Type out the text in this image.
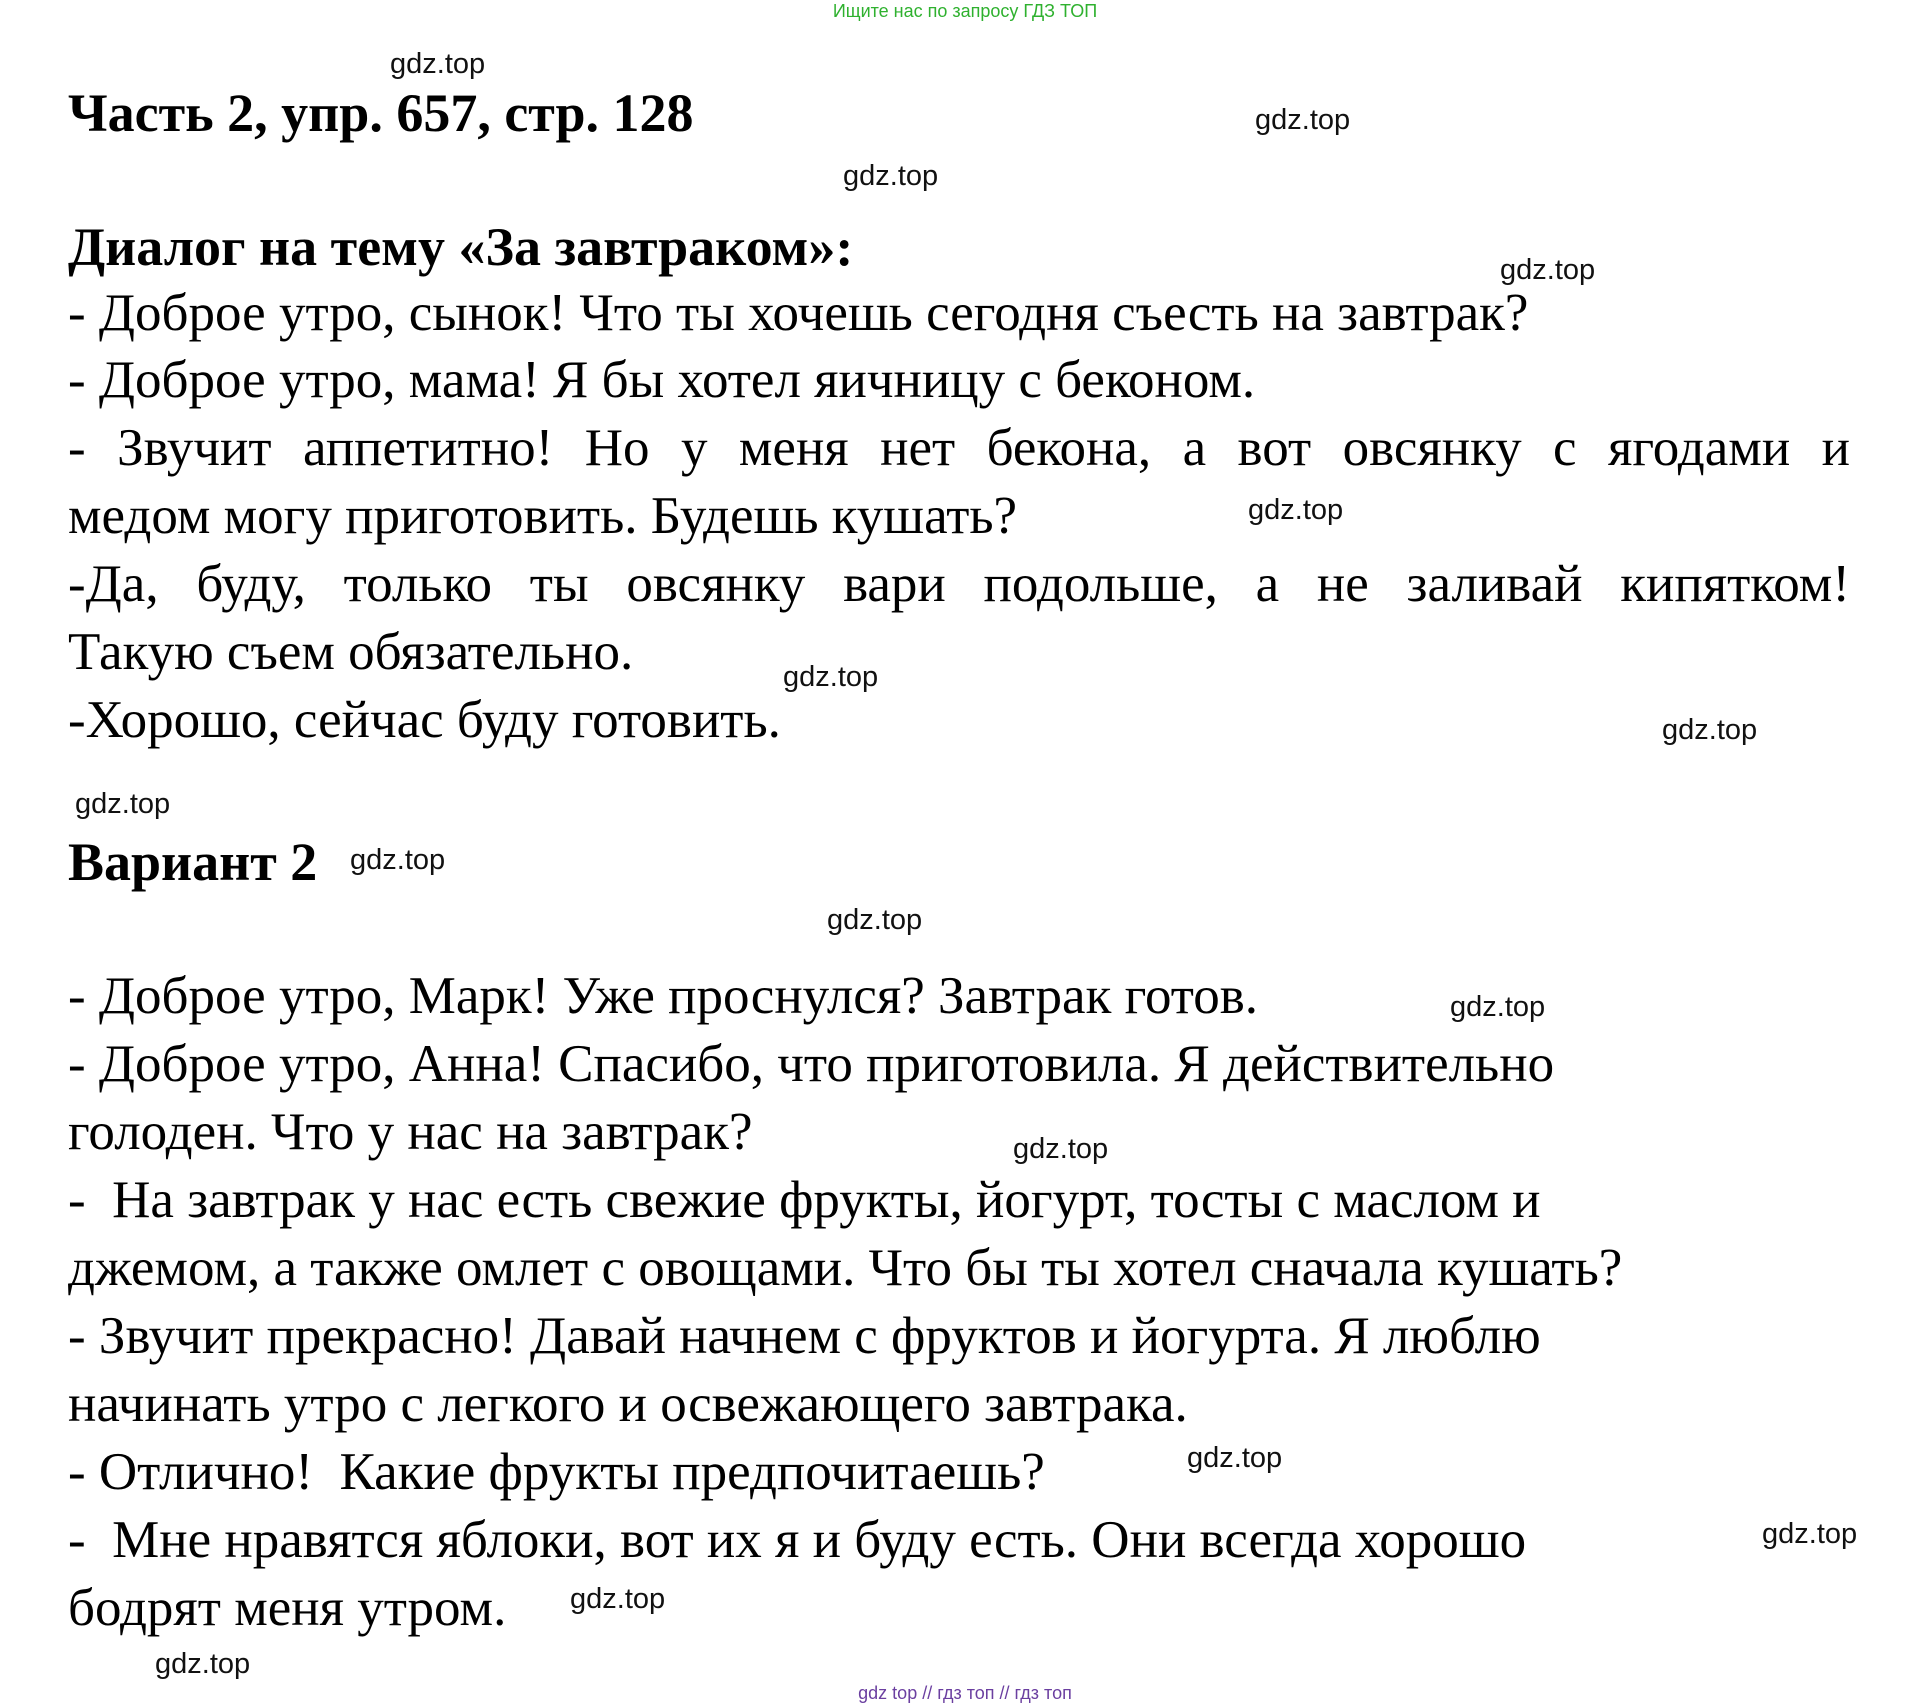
Ищите нас по запросу ГДЗ ТОП
Часть 2, упр. 657, стр. 128
Диалог на тему «За завтраком»:
- Доброе утро, сынок! Что ты хочешь сегодня съесть на завтрак?
- Доброе утро, мама! Я бы хотел яичницу с беконом.
- Звучит аппетитно! Но у меня нет бекона, а вот овсянку с ягодами и
медом могу приготовить. Будешь кушать?
-Да, буду, только ты овсянку вари подольше, а не заливай кипятком!
Такую съем обязательно.
-Хорошо, сейчас буду готовить.
Вариант 2
- Доброе утро, Марк! Уже проснулся? Завтрак готов.
- Доброе утро, Анна! Спасибо, что приготовила. Я действительно
голоден. Что у нас на завтрак?
-  На завтрак у нас есть свежие фрукты, йогурт, тосты с маслом и
джемом, а также омлет с овощами. Что бы ты хотел сначала кушать?
- Звучит прекрасно! Давай начнем с фруктов и йогурта. Я люблю
начинать утро с легкого и освежающего завтрака.
- Отлично!  Какие фрукты предпочитаешь?
-  Мне нравятся яблоки, вот их я и буду есть. Они всегда хорошо
бодрят меня утром.
gdz.top
gdz.top
gdz.top
gdz.top
gdz.top
gdz.top
gdz.top
gdz.top
gdz.top
gdz.top
gdz.top
gdz.top
gdz.top
gdz.top
gdz.top
gdz.top
gdz top // гдз топ // гдз топ
